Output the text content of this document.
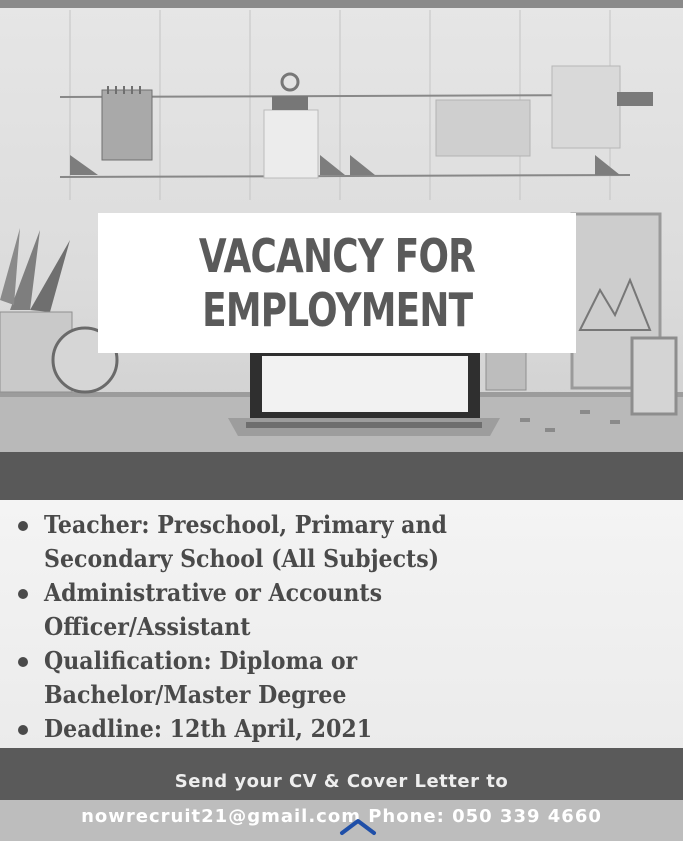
VACANCY FOR
EMPLOYMENT
Teacher: Preschool, Primary and
Secondary School (All Subjects)
Administrative or Accounts
Officer/Assistant
Qualification: Diploma or
Bachelor/Master Degree
Deadline: 12th April, 2021
Send your CV & Cover Letter to
nowrecruit21@gmail.com Phone: 050 339 4660
